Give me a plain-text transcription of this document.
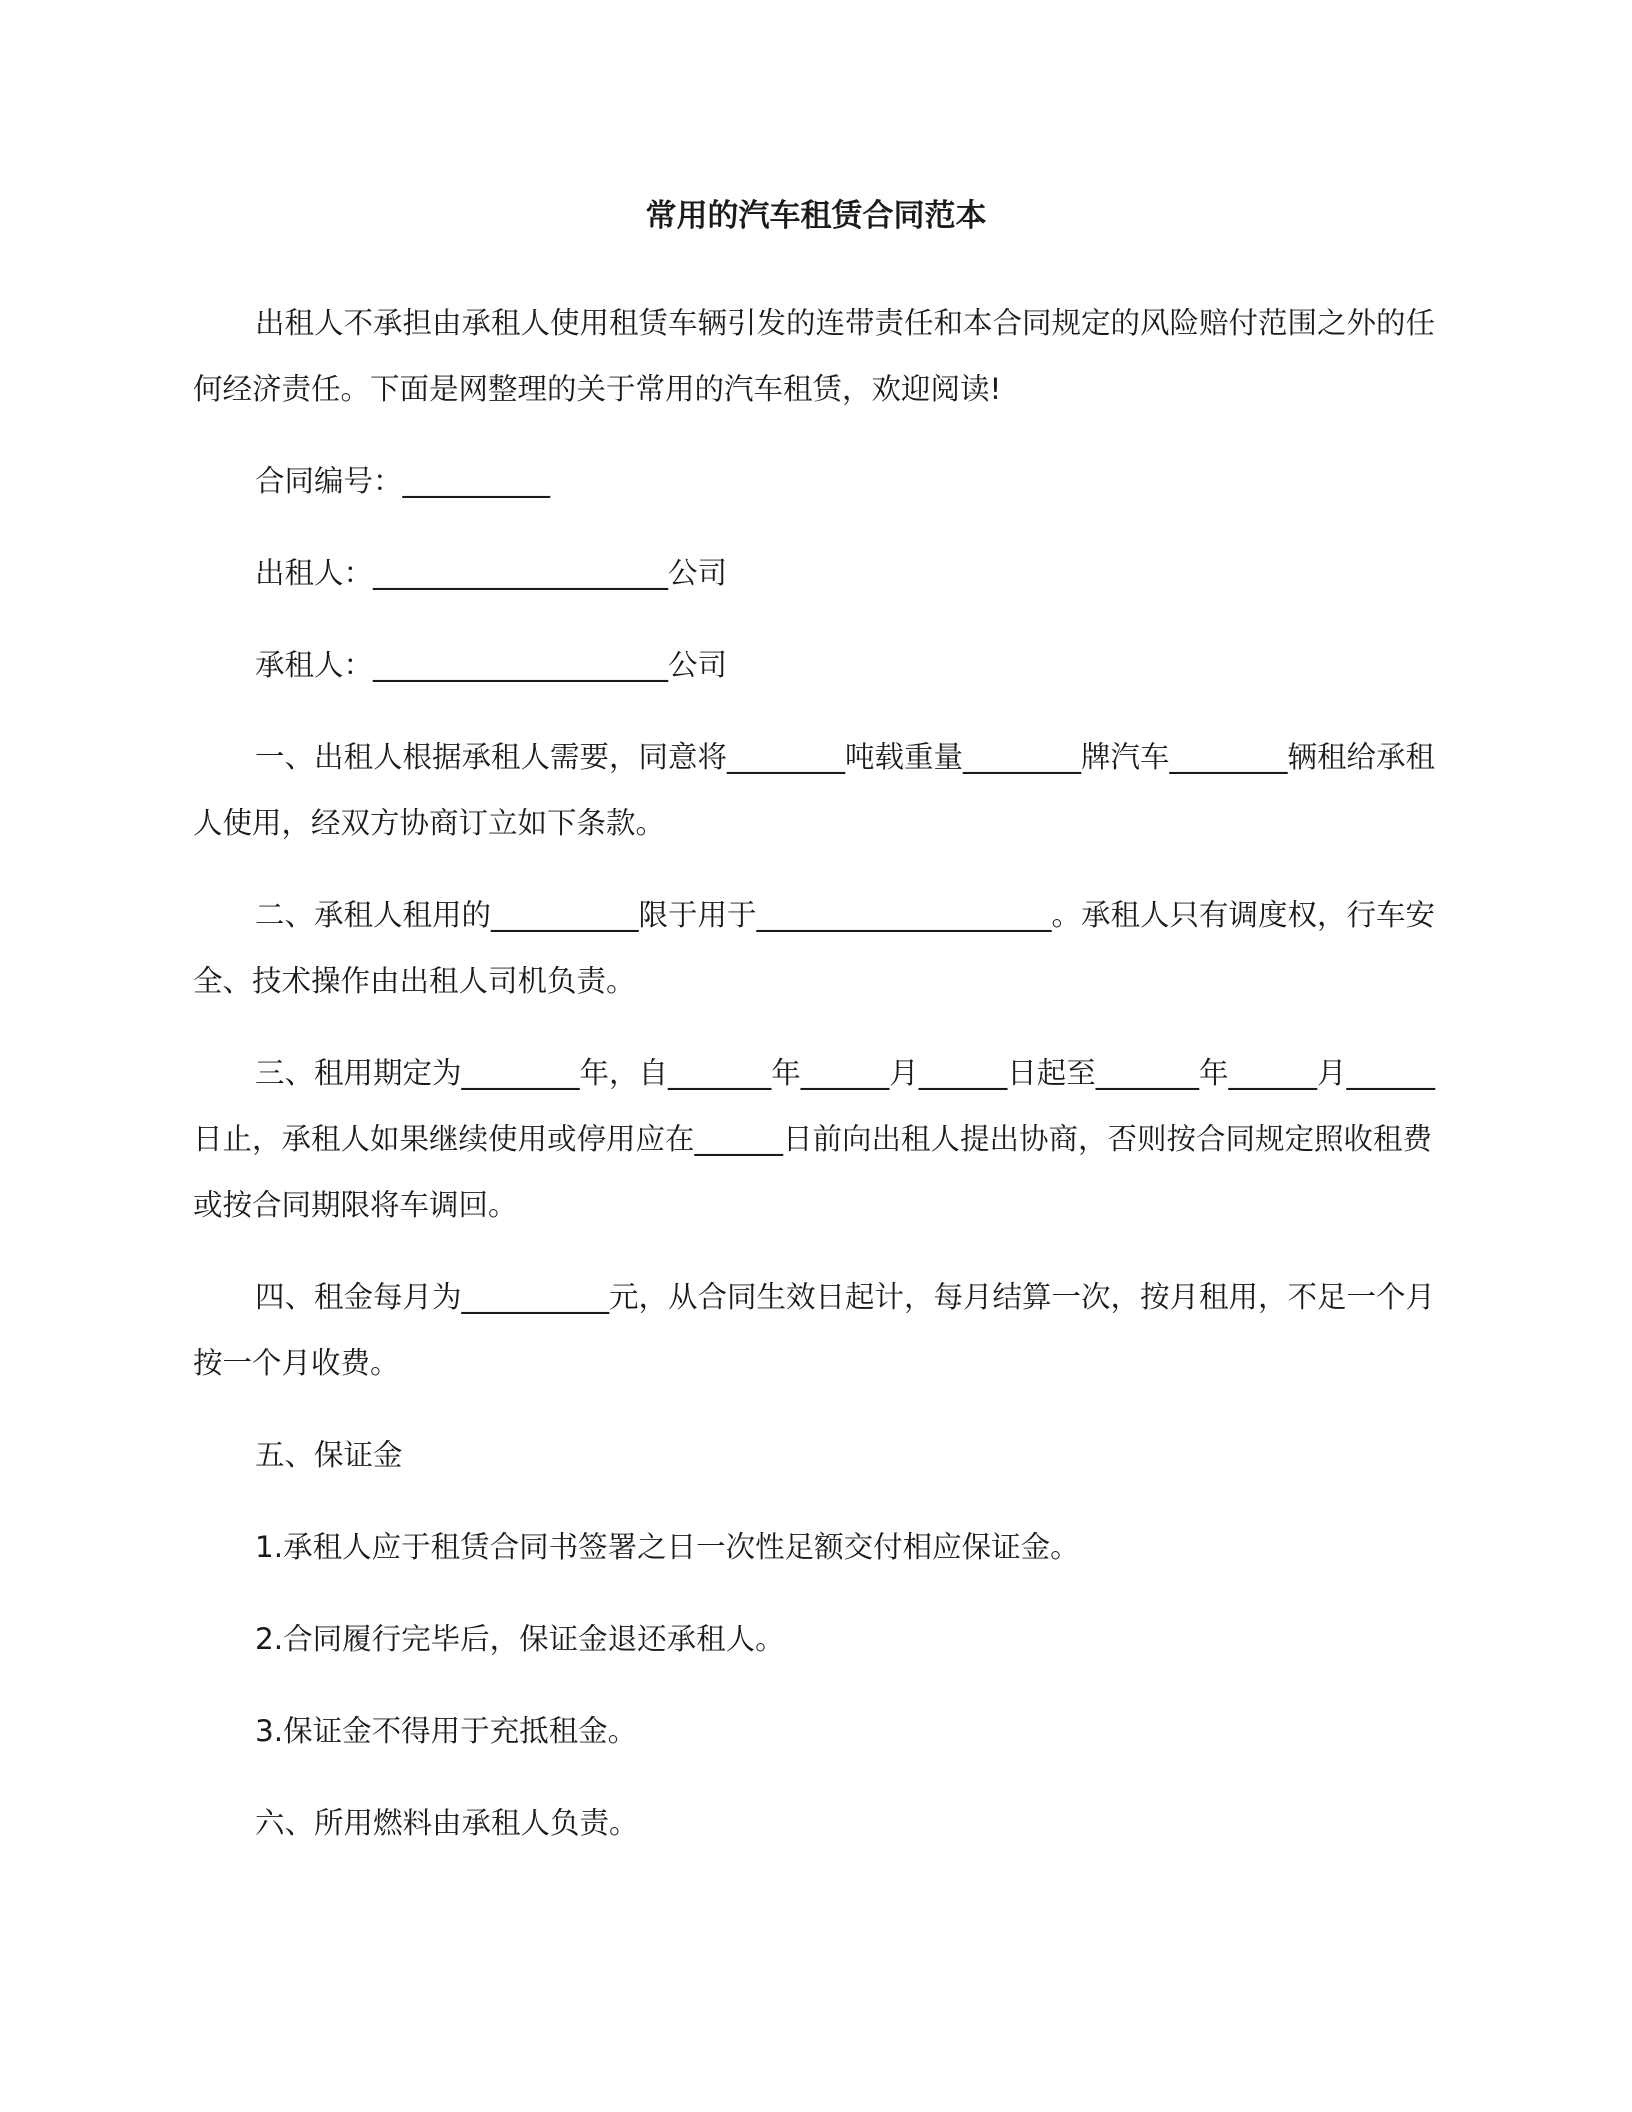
常用的汽车租赁合同范本

出租人不承担由承租人使用租赁车辆引发的连带责任和本合同规定的风险赔付范围之外的任何经济责任。下面是网整理的关于常用的汽车租赁，欢迎阅读!

合同编号：__________

出租人：____________________公司

承租人：____________________公司

一、出租人根据承租人需要，同意将________吨载重量________牌汽车________辆租给承租人使用，经双方协商订立如下条款。

二、承租人租用的__________限于用于____________________。承租人只有调度权，行车安全、技术操作由出租人司机负责。

三、租用期定为________年，自_______年______月______日起至_______年______月______日止，承租人如果继续使用或停用应在______日前向出租人提出协商，否则按合同规定照收租费或按合同期限将车调回。

四、租金每月为__________元，从合同生效日起计，每月结算一次，按月租用，不足一个月按一个月收费。

五、保证金

1.承租人应于租赁合同书签署之日一次性足额交付相应保证金。

2.合同履行完毕后，保证金退还承租人。

3.保证金不得用于充抵租金。

六、所用燃料由承租人负责。
